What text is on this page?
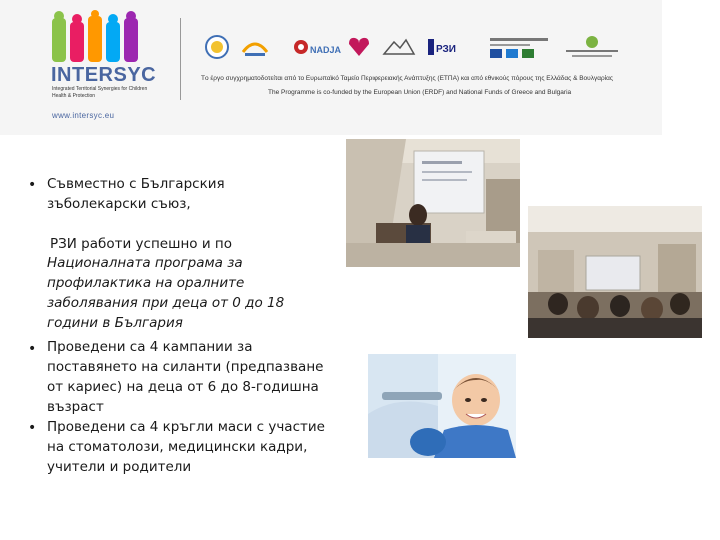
INTERSYC
Integrated Territorial Synergies for Children Health & Protection
www.intersyc.eu
NADJA	РЗИ
Тο έργο συγχρηματοδοτείται από το Ευρωπαϊκό Ταμείο Περιφερειακής Ανάπτυξης (ΕΤΠΑ) και από εθνικούς πόρους της Ελλάδας & Βουλγαρίας
The Programme is co-funded by the European Union (ERDF) and National Funds of Greece and Bulgaria
• Съвместно с Българския
зъболекарски съюз,
РЗИ работи успешно и по
Националната програма за
профилактика на оралните
заболявания при деца от 0 до 18
години в България
• Проведени са 4 кампании за
поставянето на силанти (предпазване
от кариес) на деца от 6 до 8-годишна
възраст
• Проведени са 4 кръгли маси с участие
на стоматолози, медицински кадри,
учители и родители
